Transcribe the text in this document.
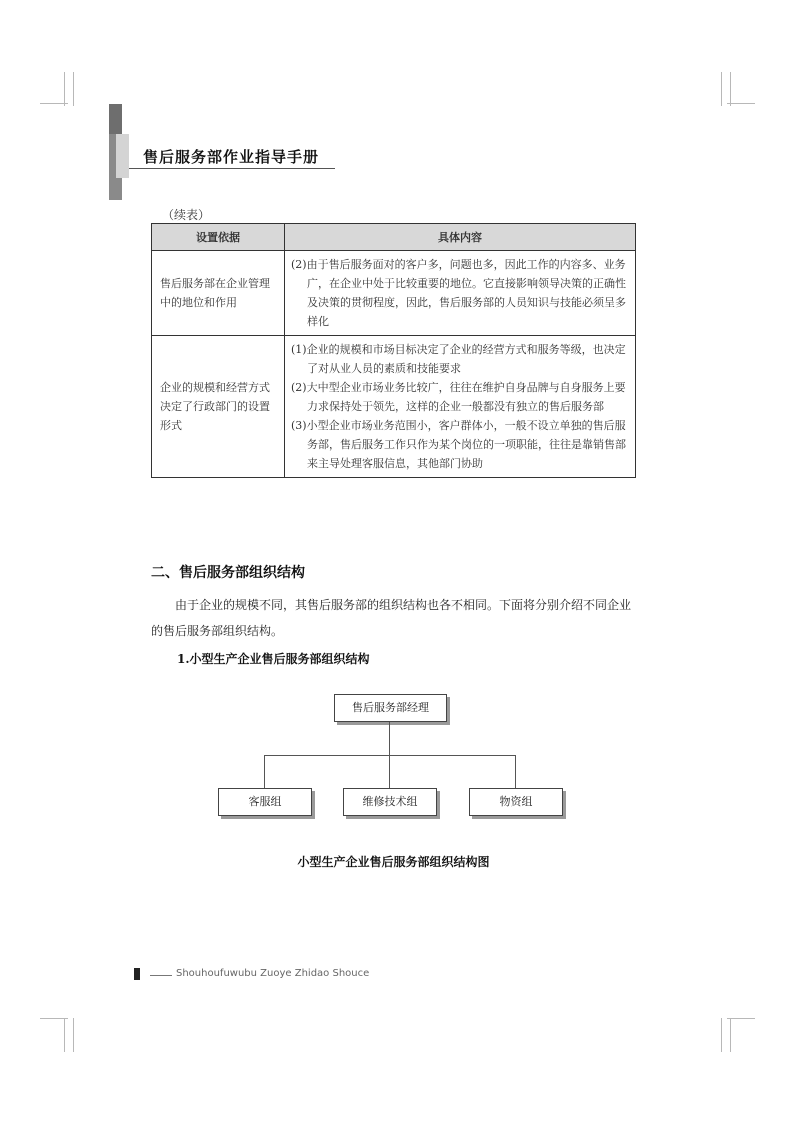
售后服务部作业指导手册
（续表）
设置依据	具体内容
售后服务部在企业管理中的地位和作用	(2)由于售后服务面对的客户多，问题也多，因此工作的内容多、业务广，在企业中处于比较重要的地位。它直接影响领导决策的正确性及决策的贯彻程度，因此，售后服务部的人员知识与技能必须呈多样化

企业的规模和经营方式决定了行政部门的设置形式	(1)企业的规模和市场目标决定了企业的经营方式和服务等级，也决定了对从业人员的素质和技能要求
(2)大中型企业市场业务比较广，往往在维护自身品牌与自身服务上要力求保持处于领先，这样的企业一般都没有独立的售后服务部
(3)小型企业市场业务范围小，客户群体小，一般不设立单独的售后服务部，售后服务工作只作为某个岗位的一项职能，往往是靠销售部来主导处理客服信息，其他部门协助
二、售后服务部组织结构
由于企业的规模不同，其售后服务部的组织结构也各不相同。下面将分别介绍不同企业的售后服务部组织结构。
1.小型生产企业售后服务部组织结构
售后服务部经理
客服组	维修技术组	物资组
小型生产企业售后服务部组织结构图
Shouhoufuwubu Zuoye Zhidao Shouce
